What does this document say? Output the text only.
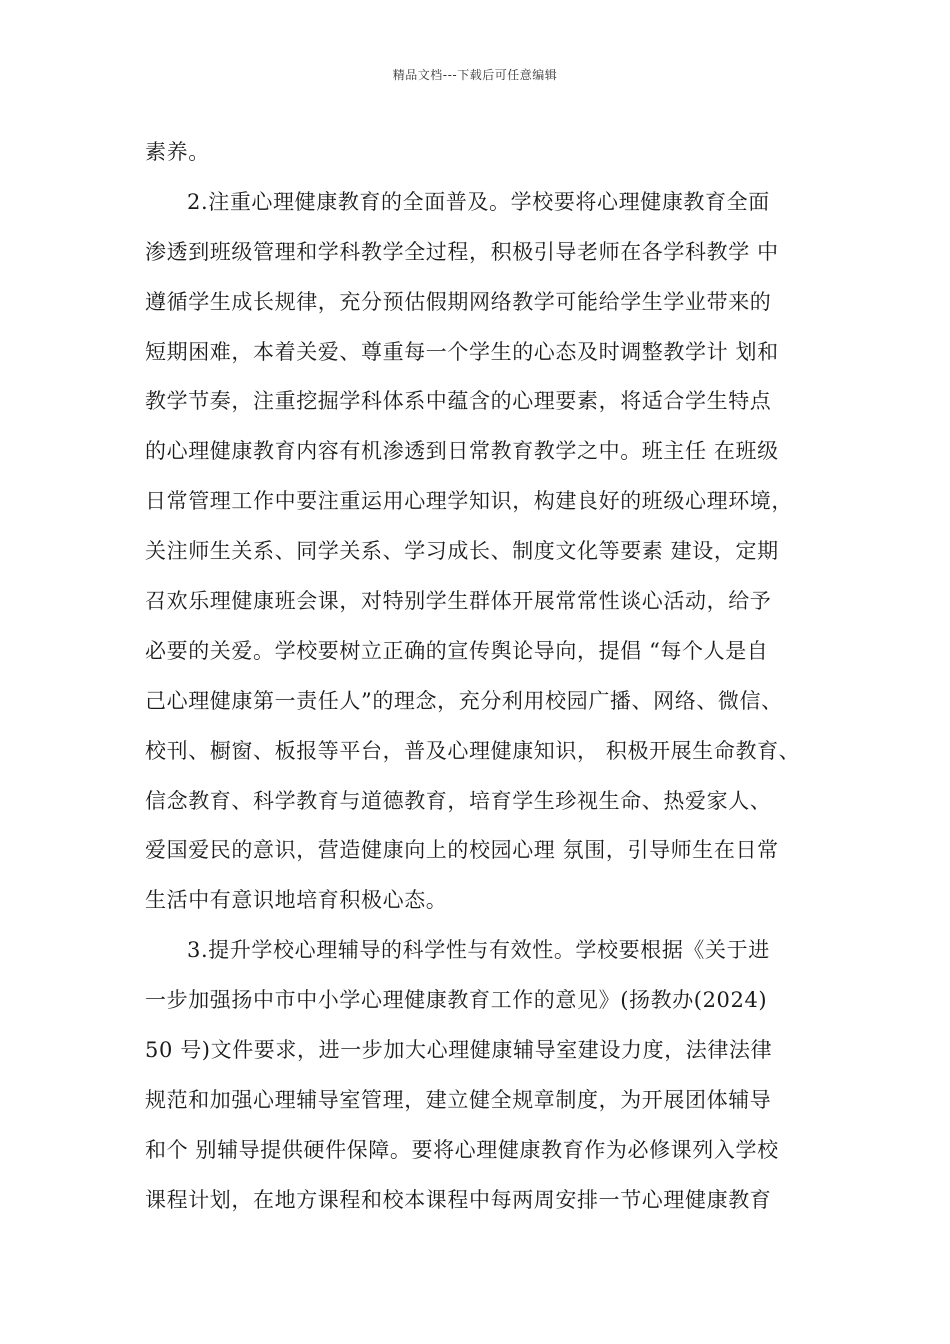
精品文档---下载后可任意编辑
素养。
2.注重心理健康教育的全面普及。学校要将心理健康教育全面
渗透到班级管理和学科教学全过程，积极引导老师在各学科教学 中
遵循学生成长规律，充分预估假期网络教学可能给学生学业带来的
短期困难，本着关爱、尊重每一个学生的心态及时调整教学计 划和
教学节奏，注重挖掘学科体系中蕴含的心理要素，将适合学生特点
的心理健康教育内容有机渗透到日常教育教学之中。班主任 在班级
日常管理工作中要注重运用心理学知识，构建良好的班级心理环境，
关注师生关系、同学关系、学习成长、制度文化等要素 建设，定期
召欢乐理健康班会课，对特别学生群体开展常常性谈心活动，给予
必要的关爱。学校要树立正确的宣传舆论导向，提倡 “每个人是自
己心理健康第一责任人”的理念，充分利用校园广播、网络、微信、
校刊、橱窗、板报等平台，普及心理健康知识， 积极开展生命教育、
信念教育、科学教育与道德教育，培育学生珍视生命、热爱家人、
爱国爱民的意识，营造健康向上的校园心理 氛围，引导师生在日常
生活中有意识地培育积极心态。
3.提升学校心理辅导的科学性与有效性。学校要根据《关于进
一步加强扬中市中小学心理健康教育工作的意见》(扬教办(2024)
50 号)文件要求，进一步加大心理健康辅导室建设力度，法律法律
规范和加强心理辅导室管理，建立健全规章制度，为开展团体辅导
和个 别辅导提供硬件保障。要将心理健康教育作为必修课列入学校
课程计划，在地方课程和校本课程中每两周安排一节心理健康教育
